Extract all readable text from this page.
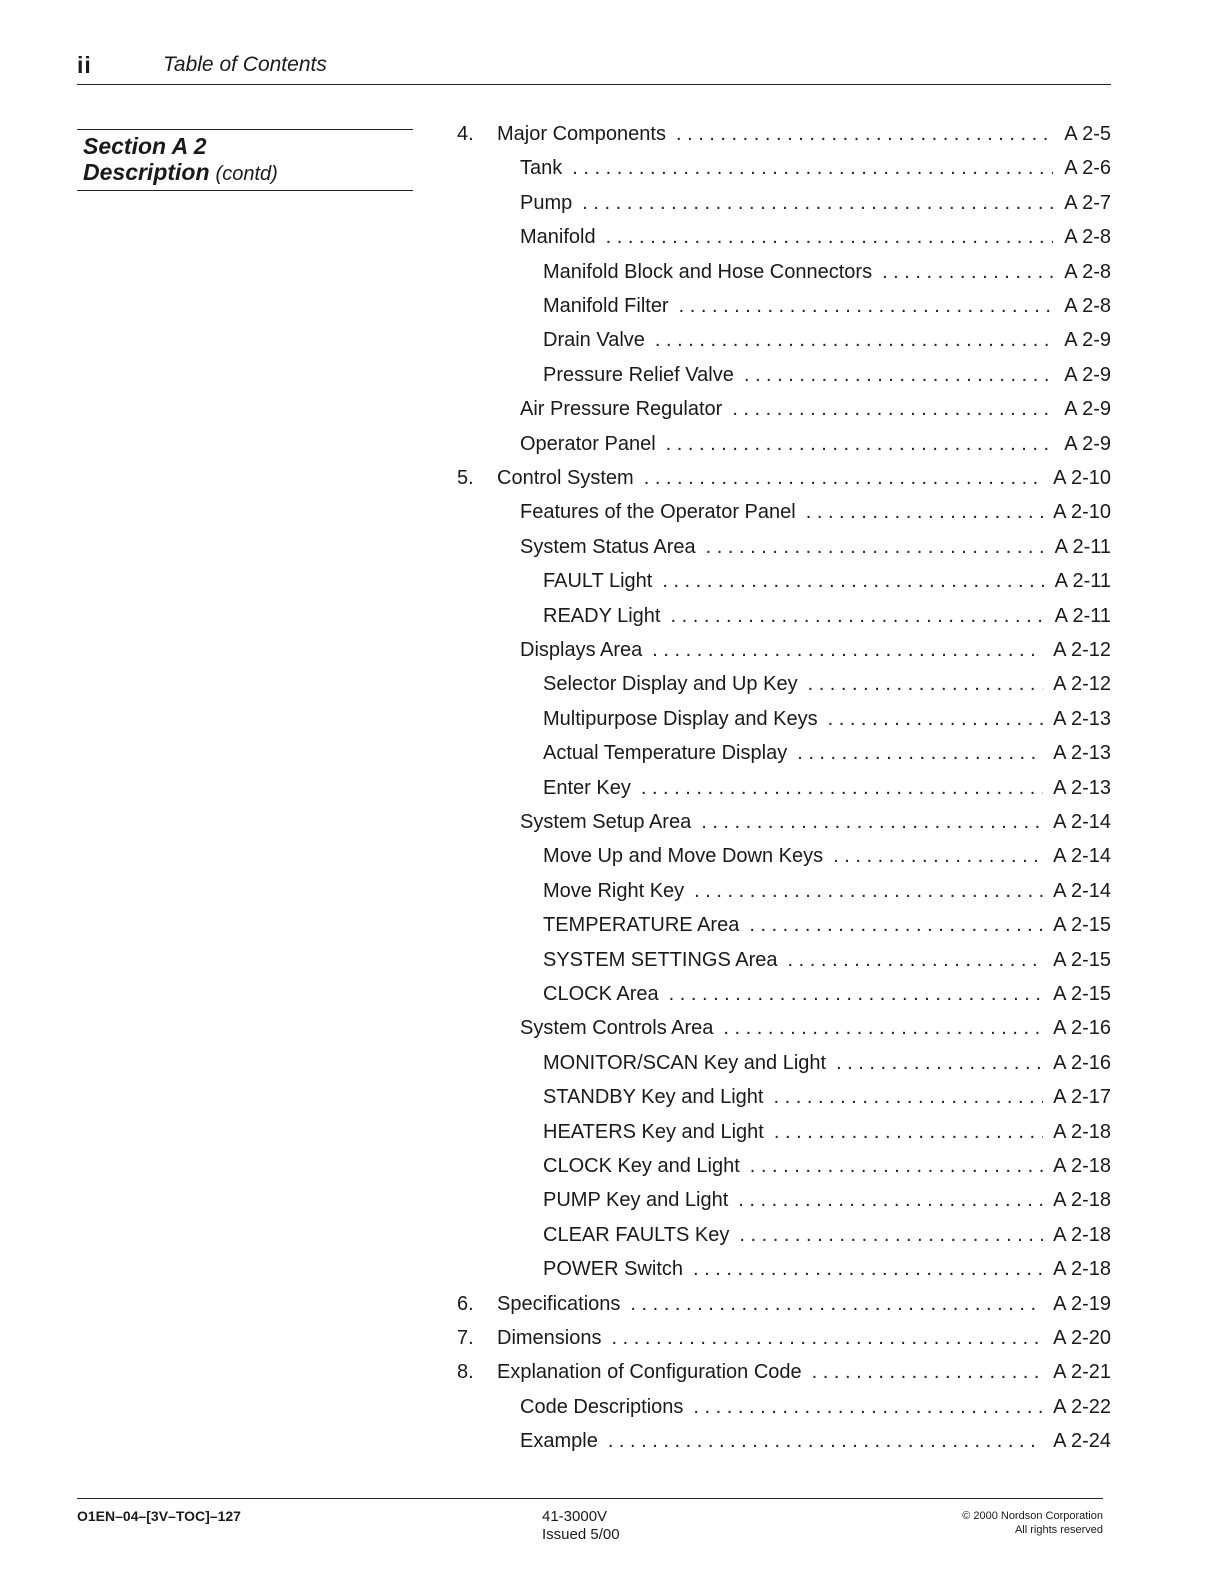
ii	Table of Contents
Section A 2
Description (contd)
4.	Major Components . . .	A 2-5
Tank . . .	A 2-6
Pump . . .	A 2-7
Manifold . . .	A 2-8
Manifold Block and Hose Connectors . . .	A 2-8
Manifold Filter . . .	A 2-8
Drain Valve . . .	A 2-9
Pressure Relief Valve . . .	A 2-9
Air Pressure Regulator . . .	A 2-9
Operator Panel . . .	A 2-9
5.	Control System . . .	A 2-10
Features of the Operator Panel . . .	A 2-10
System Status Area . . .	A 2-11
FAULT Light . . .	A 2-11
READY Light . . .	A 2-11
Displays Area . . .	A 2-12
Selector Display and Up Key . . .	A 2-12
Multipurpose Display and Keys . . .	A 2-13
Actual Temperature Display . . .	A 2-13
Enter Key . . .	A 2-13
System Setup Area . . .	A 2-14
Move Up and Move Down Keys . . .	A 2-14
Move Right Key . . .	A 2-14
TEMPERATURE Area . . .	A 2-15
SYSTEM SETTINGS Area . . .	A 2-15
CLOCK Area . . .	A 2-15
System Controls Area . . .	A 2-16
MONITOR/SCAN Key and Light . . .	A 2-16
STANDBY Key and Light . . .	A 2-17
HEATERS Key and Light . . .	A 2-18
CLOCK Key and Light . . .	A 2-18
PUMP Key and Light . . .	A 2-18
CLEAR FAULTS Key . . .	A 2-18
POWER Switch . . .	A 2-18
6.	Specifications . . .	A 2-19
7.	Dimensions . . .	A 2-20
8.	Explanation of Configuration Code . . .	A 2-21
Code Descriptions . . .	A 2-22
Example . . .	A 2-24
O1EN–04–[3V–TOC]–127	41-3000V
Issued 5/00
© 2000 Nordson Corporation
All rights reserved
